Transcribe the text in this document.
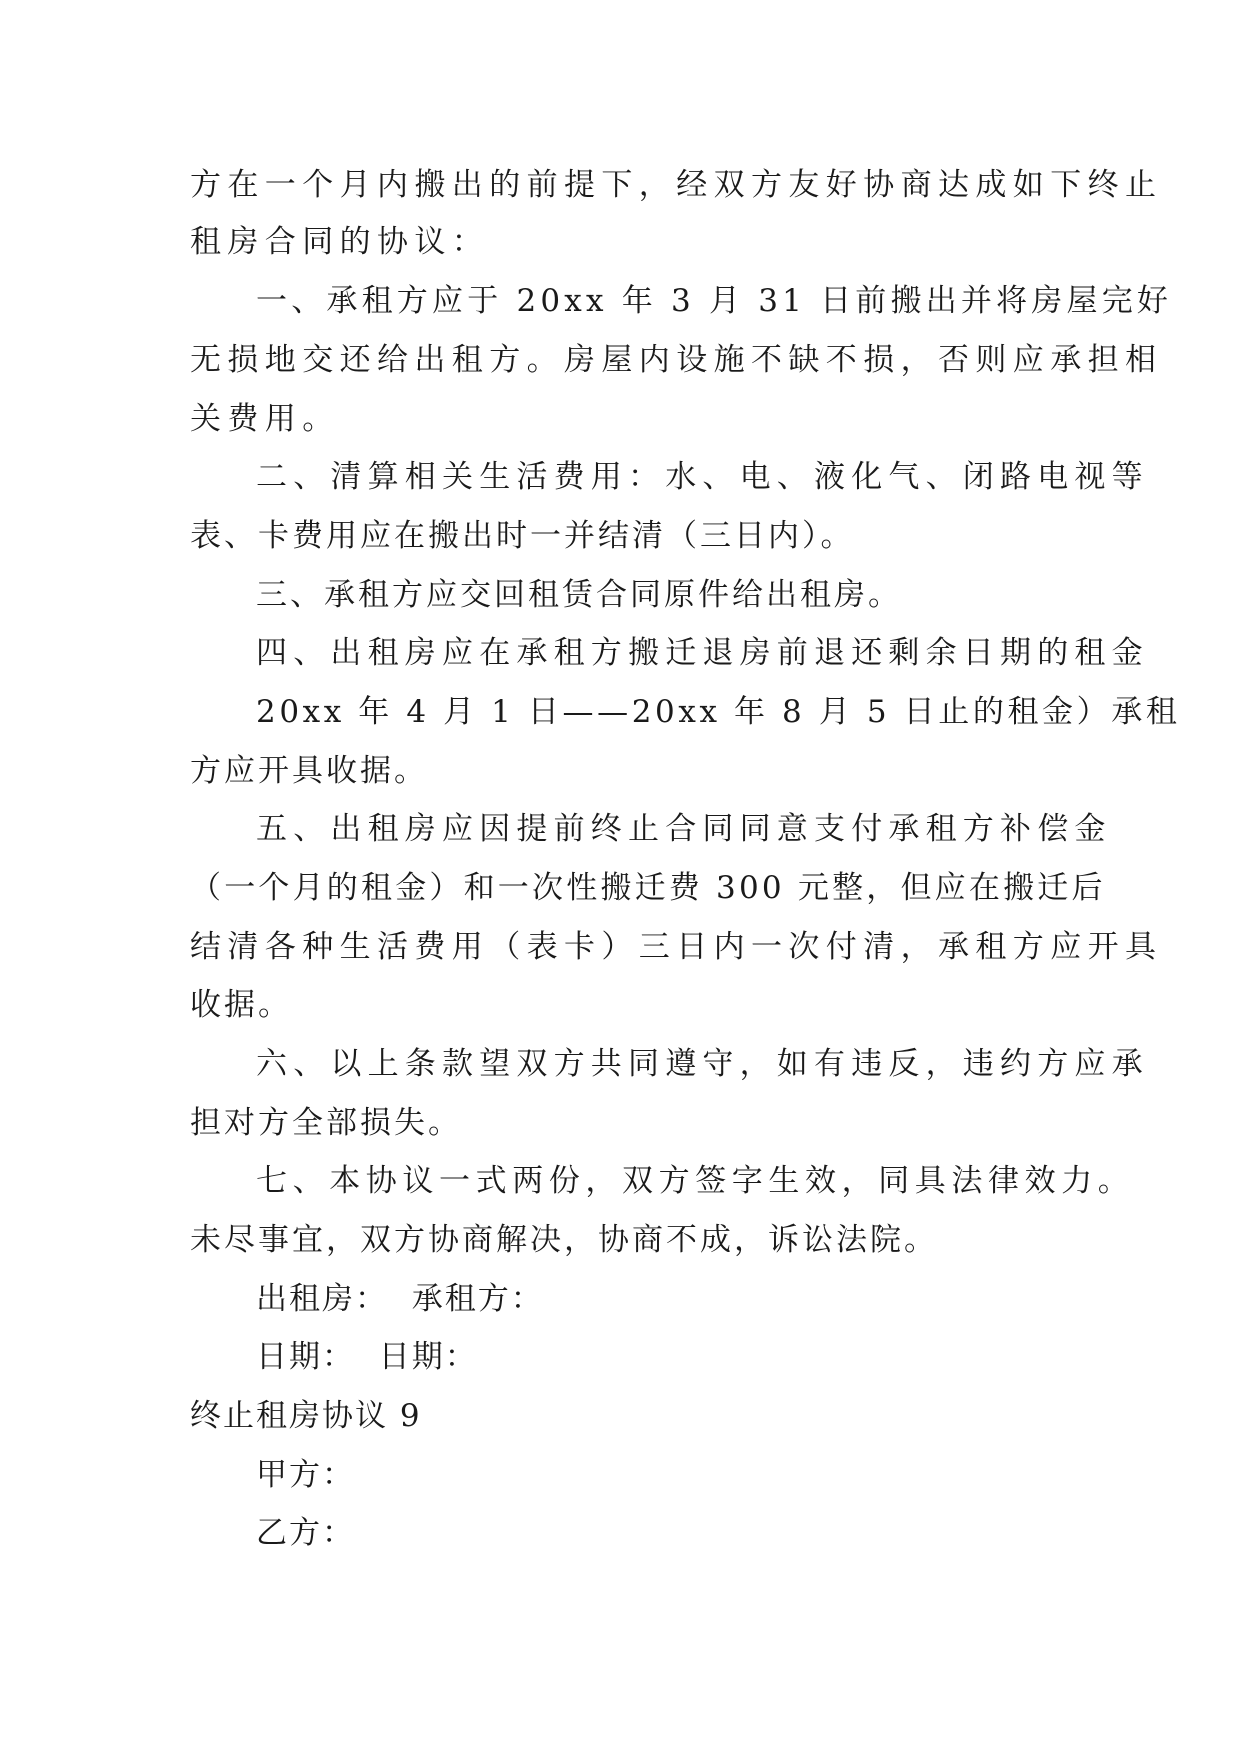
方在一个月内搬出的前提下，经双方友好协商达成如下终止
租房合同的协议：
一、承租方应于 20xx 年 3 月 31 日前搬出并将房屋完好
无损地交还给出租方。房屋内设施不缺不损，否则应承担相
关费用。
二、清算相关生活费用：水、电、液化气、闭路电视等
表、卡费用应在搬出时一并结清（三日内）。
三、承租方应交回租赁合同原件给出租房。
四、出租房应在承租方搬迁退房前退还剩余日期的租金
20xx 年 4 月 1 日——20xx 年 8 月 5 日止的租金）承租
方应开具收据。
五、出租房应因提前终止合同同意支付承租方补偿金
（一个月的租金）和一次性搬迁费 300 元整，但应在搬迁后
结清各种生活费用（表卡）三日内一次付清，承租方应开具
收据。
六、以上条款望双方共同遵守，如有违反，违约方应承
担对方全部损失。
七、本协议一式两份，双方签字生效，同具法律效力。
未尽事宜，双方协商解决，协商不成，诉讼法院。
出租房：  承租方：
日期：  日期：
终止租房协议 9
甲方：
乙方：
